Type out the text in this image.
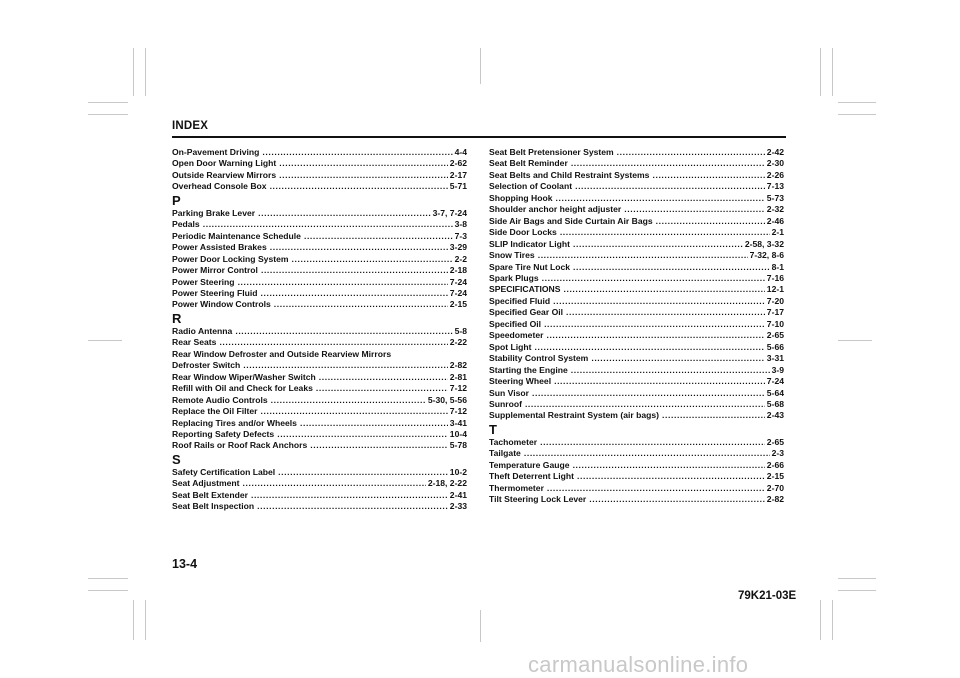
INDEX
On-Pavement Driving .....	4-4
Open Door Warning Light .....	2-62
Outside Rearview Mirrors .....	2-17
Overhead Console Box .....	5-71
P
Parking Brake Lever .....	3-7, 7-24
Pedals .....	3-8
Periodic Maintenance Schedule .....	7-3
Power Assisted Brakes .....	3-29
Power Door Locking System .....	2-2
Power Mirror Control .....	2-18
Power Steering .....	7-24
Power Steering Fluid .....	7-24
Power Window Controls .....	2-15
R
Radio Antenna .....	5-8
Rear Seats .....	2-22
Rear Window Defroster and Outside Rearview Mirrors
Defroster Switch .....	2-82
Rear Window Wiper/Washer Switch .....	2-81
Refill with Oil and Check for Leaks .....	7-12
Remote Audio Controls .....	5-30, 5-56
Replace the Oil Filter .....	7-12
Replacing Tires and/or Wheels .....	3-41
Reporting Safety Defects .....	10-4
Roof Rails or Roof Rack Anchors .....	5-78
S
Safety Certification Label .....	10-2
Seat Adjustment .....	2-18, 2-22
Seat Belt Extender .....	2-41
Seat Belt Inspection .....	2-33
Seat Belt Pretensioner System .....	2-42
Seat Belt Reminder .....	2-30
Seat Belts and Child Restraint Systems .....	2-26
Selection of Coolant .....	7-13
Shopping Hook .....	5-73
Shoulder anchor height adjuster .....	2-32
Side Air Bags and Side Curtain Air Bags .....	2-46
Side Door Locks .....	2-1
SLIP Indicator Light .....	2-58, 3-32
Snow Tires .....	7-32, 8-6
Spare Tire Nut Lock .....	8-1
Spark Plugs .....	7-16
SPECIFICATIONS .....	12-1
Specified Fluid .....	7-20
Specified Gear Oil .....	7-17
Specified Oil .....	7-10
Speedometer .....	2-65
Spot Light .....	5-66
Stability Control System .....	3-31
Starting the Engine .....	3-9
Steering Wheel .....	7-24
Sun Visor .....	5-64
Sunroof .....	5-68
Supplemental Restraint System (air bags) .....	2-43
T
Tachometer .....	2-65
Tailgate .....	2-3
Temperature Gauge .....	2-66
Theft Deterrent Light .....	2-15
Thermometer .....	2-70
Tilt Steering Lock Lever .....	2-82
13-4
79K21-03E
carmanualsonline.info
